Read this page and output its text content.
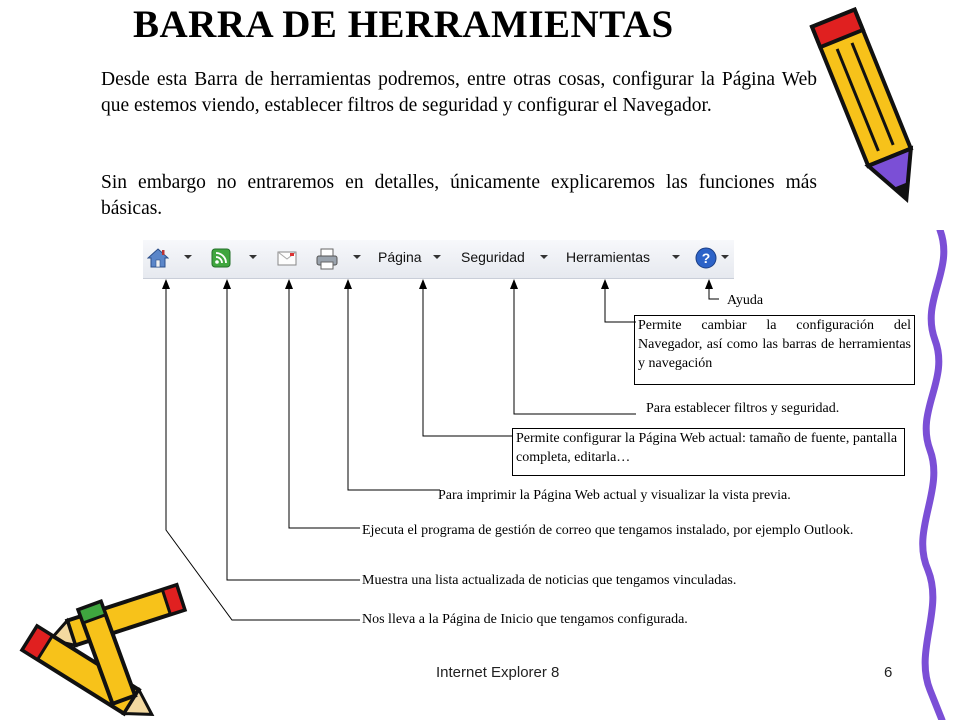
BARRA DE HERRAMIENTAS
Desde esta Barra de herramientas podremos, entre otras cosas, configurar la Página Web que estemos viendo, establecer filtros de seguridad y configurar el Navegador.
Sin embargo no entraremos en detalles, únicamente explicaremos las funciones más básicas.
Página	Seguridad	Herramientas	?
Ayuda
Permite cambiar la configuración del Navegador, así como las barras de herramientas y navegación
Para establecer filtros y seguridad.
Permite configurar la Página Web actual: tamaño de fuente, pantalla completa, editarla…
Para imprimir la Página Web actual y visualizar la vista previa.
Ejecuta el programa de gestión de correo que tengamos instalado, por ejemplo Outlook.
Muestra una lista actualizada de noticias que tengamos vinculadas.
Nos lleva a la Página de Inicio que tengamos configurada.
Internet Explorer 8	6
